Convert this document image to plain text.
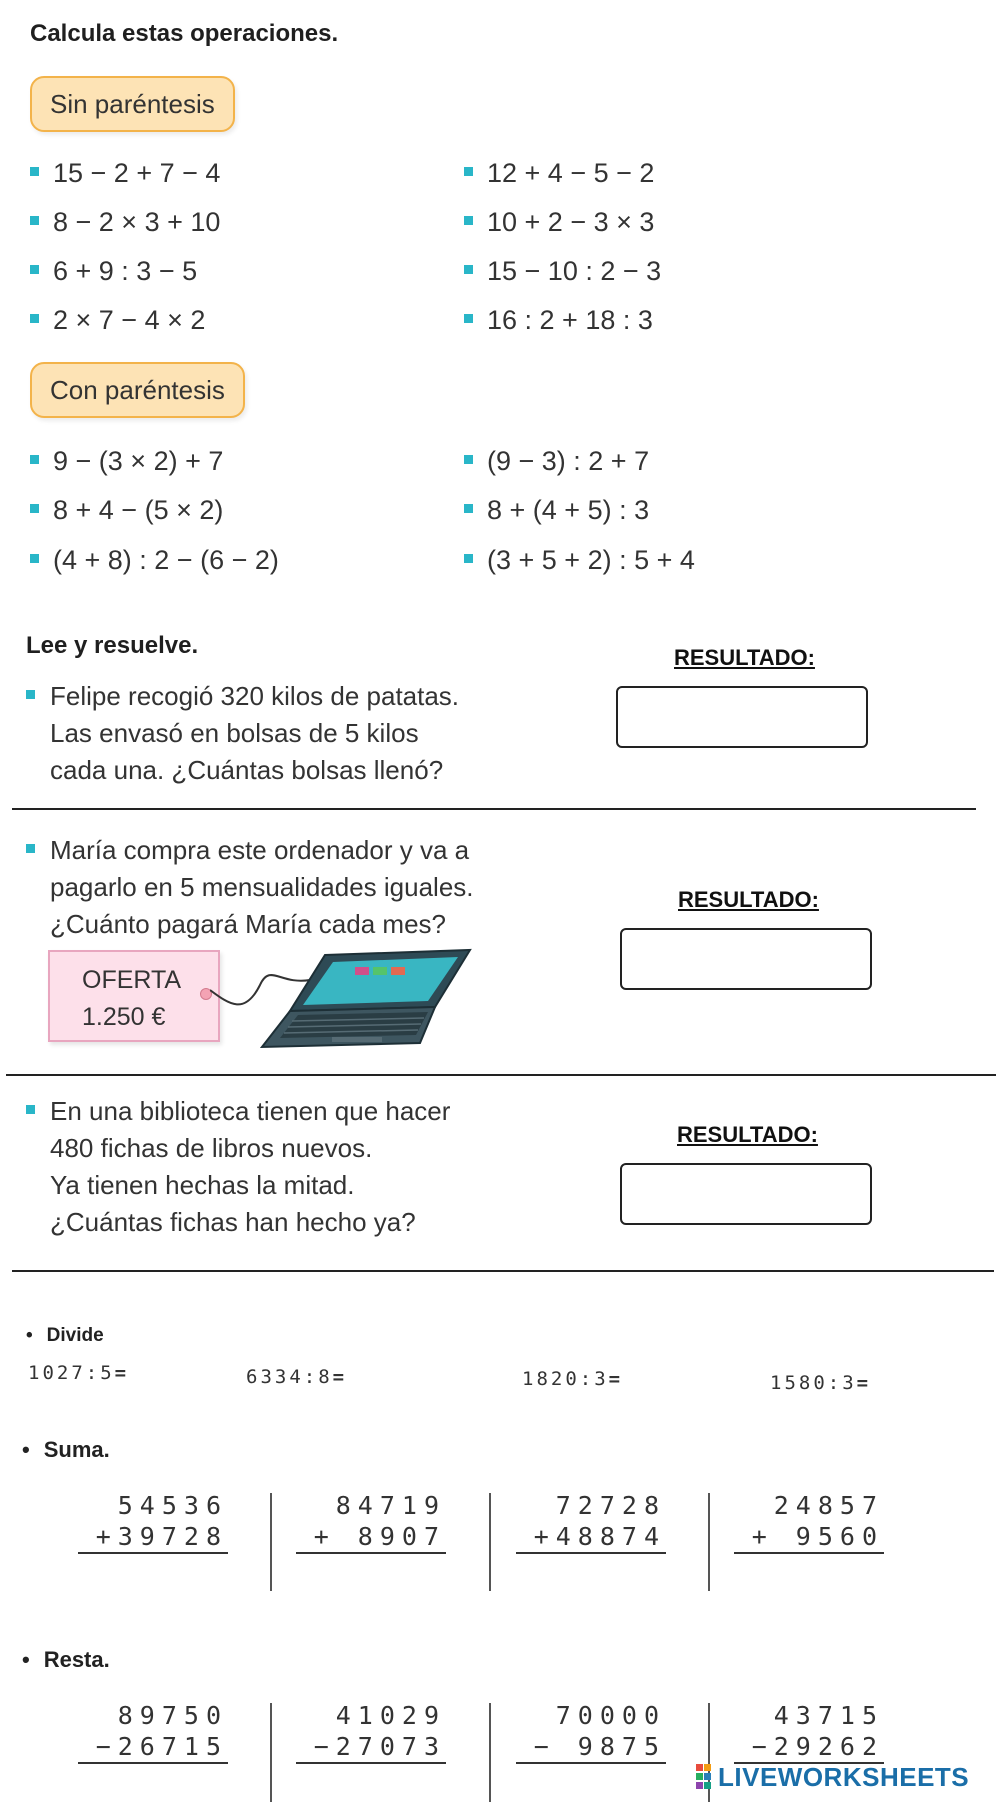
Calcula estas operaciones.
Sin paréntesis
15 − 2 + 7 − 4
8 − 2 × 3 + 10
6 + 9 : 3 − 5
2 × 7 − 4 × 2
12 + 4 − 5 − 2
10 + 2 − 3 × 3
15 − 10 : 2 − 3
16 : 2 + 18 : 3
Con paréntesis
9 − (3 × 2) + 7
8 + 4 − (5 × 2)
(4 + 8) : 2 − (6 − 2)
(9 − 3) : 2 + 7
8 + (4 + 5) : 3
(3 + 5 + 2) : 5 + 4
Lee y resuelve.
Felipe recogió 320 kilos de patatas.
Las envasó en bolsas de 5 kilos
cada una. ¿Cuántas bolsas llenó?
RESULTADO:
María compra este ordenador y va a
pagarlo en 5 mensualidades iguales.
¿Cuánto pagará María cada mes?
RESULTADO:
OFERTA
1.250 €
En una biblioteca tienen que hacer
480 fichas de libros nuevos.
Ya tienen hechas la mitad.
¿Cuántas fichas han hecho ya?
RESULTADO:
• Divide
1027:5=	6334:8=	1820:3=	1580:3=
• Suma.
54536
+39728
84719
+ 8907
72728
+48874
24857
+ 9560
• Resta.
89750
−26715
41029
−27073
70000
− 9875
43715
−29262
LIVEWORKSHEETS
